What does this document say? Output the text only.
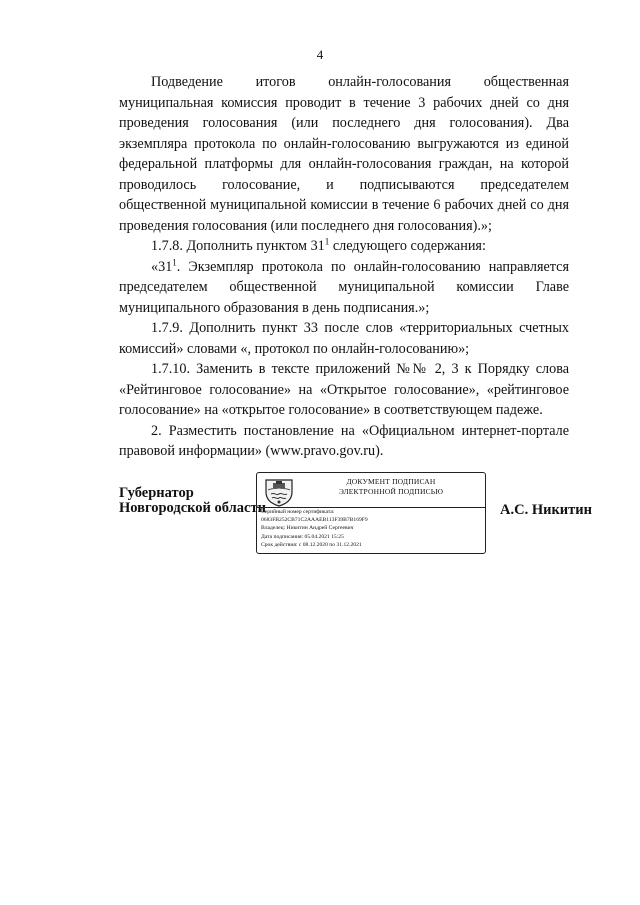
4

Подведение итогов онлайн-голосования общественная муниципальная комиссия проводит в течение 3 рабочих дней со дня проведения голосования (или последнего дня голосования). Два экземпляра протокола по онлайн-голосованию выгружаются из единой федеральной платформы для онлайн-голосования граждан, на которой проводилось голосование, и подписываются председателем общественной муниципальной комиссии в течение 6 рабочих дней со дня проведения голосования (или последнего дня голосования).»;

1.7.8. Дополнить пунктом $31^1$ следующего содержания:

«$31^1$. Экземпляр протокола по онлайн-голосованию направляется председателем общественной муниципальной комиссии Главе муниципального образования в день подписания.»;

1.7.9. Дополнить пункт 33 после слов «территориальных счетных комиссий» словами «, протокол по онлайн-голосованию»;

1.7.10. Заменить в тексте приложений №№ 2, 3 к Порядку слова «Рейтинговое голосование» на «Открытое голосование», «рейтинговое голосование» на «открытое голосование» в соответствующем падеже.

2. Разместить постановление на «Официальном интернет-портале правовой информации» (www.pravo.gov.ru).

Губернатор
Новгородской области
ДОКУМЕНТ ПОДПИСАН
ЭЛЕКТРОННОЙ ПОДПИСЬЮ
Серийный номер сертификата:
0683FB252CB71C2AAAEB113F39B7B169F9
Владелец: Никитин Андрей Сергеевич
Дата подписания: 05.04.2021 15:25
Срок действия: с 08.12.2020 по 31.12.2021
А.С. Никитин
